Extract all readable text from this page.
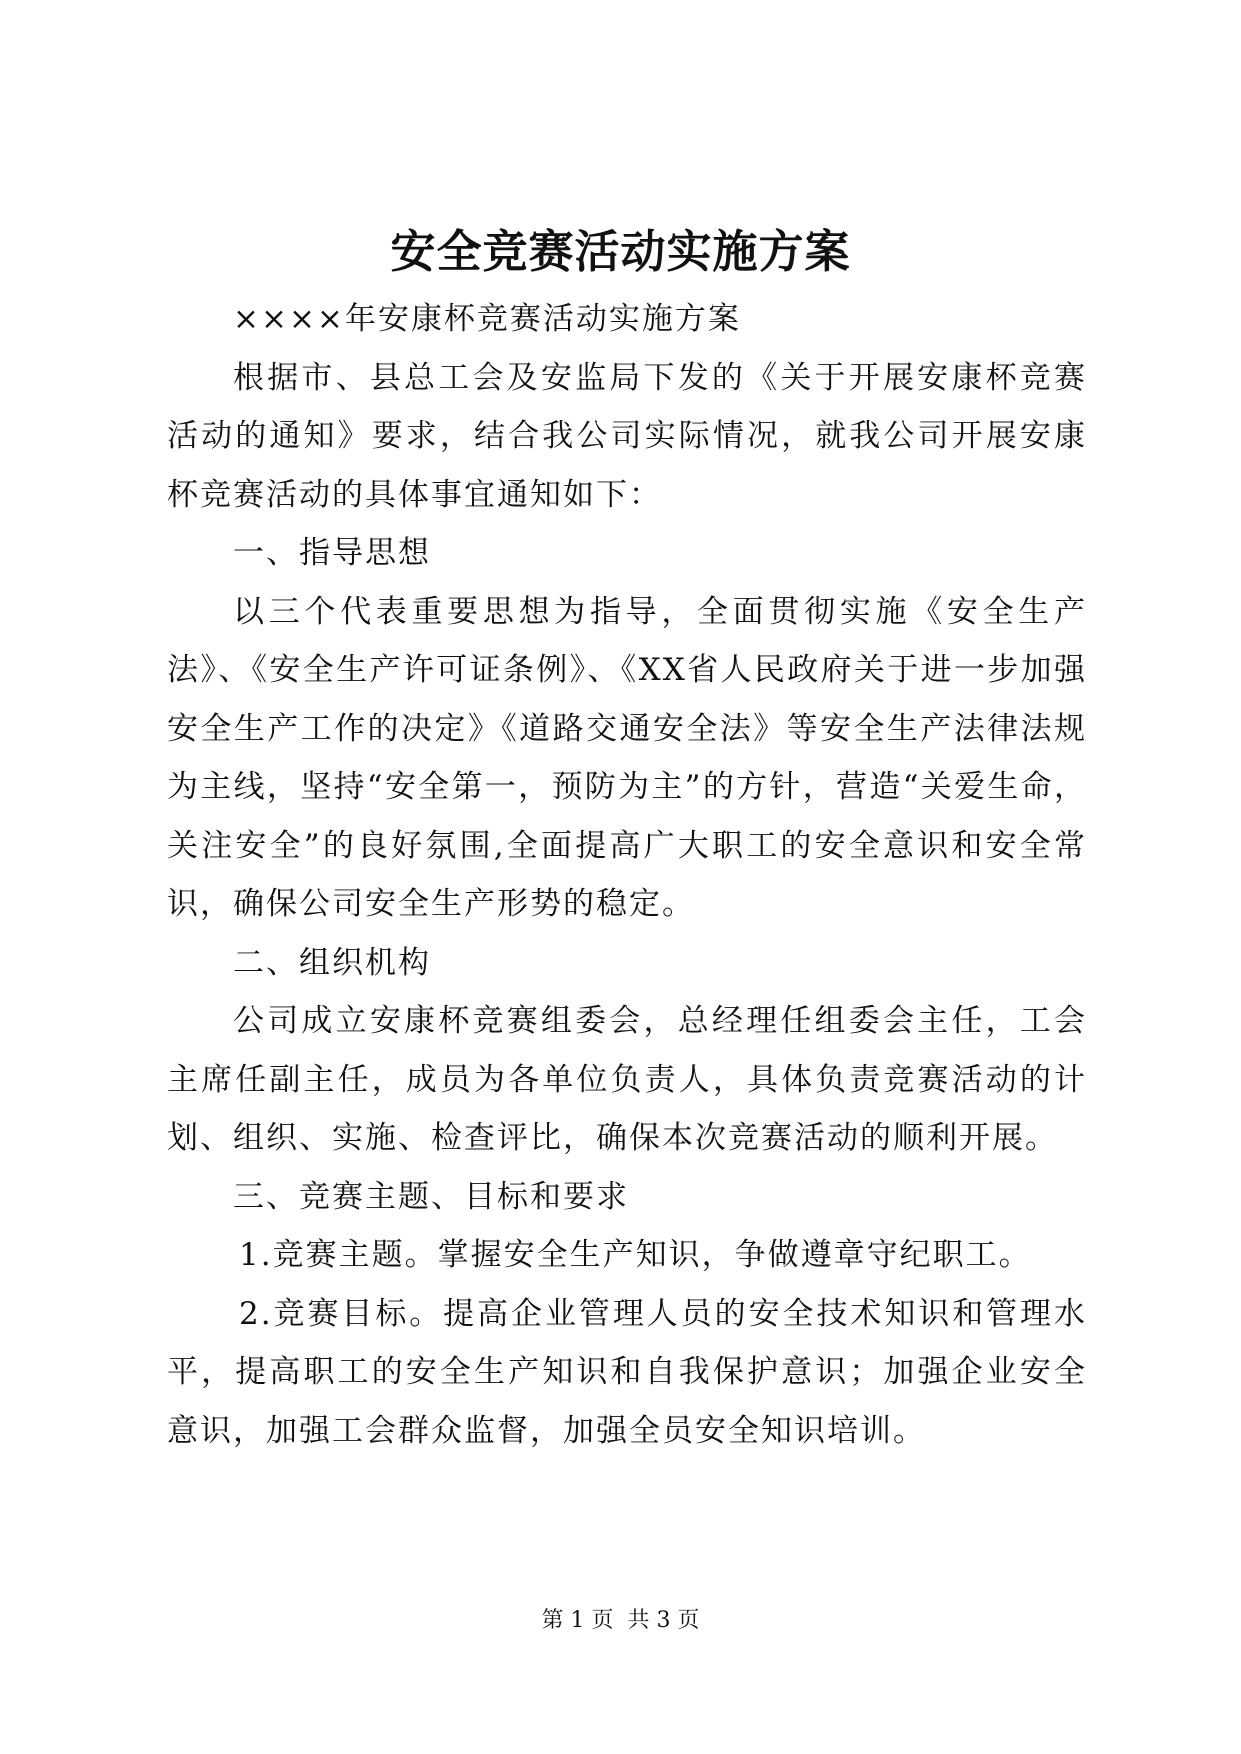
安全竞赛活动实施方案

××××年安康杯竞赛活动实施方案

根据市、县总工会及安监局下发的《关于开展安康杯竞赛活动的通知》要求，结合我公司实际情况，就我公司开展安康杯竞赛活动的具体事宜通知如下：

一、指导思想

以三个代表重要思想为指导，全面贯彻实施《安全生产法》、《安全生产许可证条例》、《XX省人民政府关于进一步加强安全生产工作的决定》《道路交通安全法》等安全生产法律法规为主线，坚持“安全第一，预防为主”的方针，营造“关爱生命，关注安全”的良好氛围,全面提高广大职工的安全意识和安全常识，确保公司安全生产形势的稳定。

二、组织机构

公司成立安康杯竞赛组委会，总经理任组委会主任，工会主席任副主任，成员为各单位负责人，具体负责竞赛活动的计划、组织、实施、检查评比，确保本次竞赛活动的顺利开展。

三、竞赛主题、目标和要求

1.竞赛主题。掌握安全生产知识，争做遵章守纪职工。

2.竞赛目标。提高企业管理人员的安全技术知识和管理水平，提高职工的安全生产知识和自我保护意识；加强企业安全意识，加强工会群众监督，加强全员安全知识培训。

第 1 页  共 3 页
